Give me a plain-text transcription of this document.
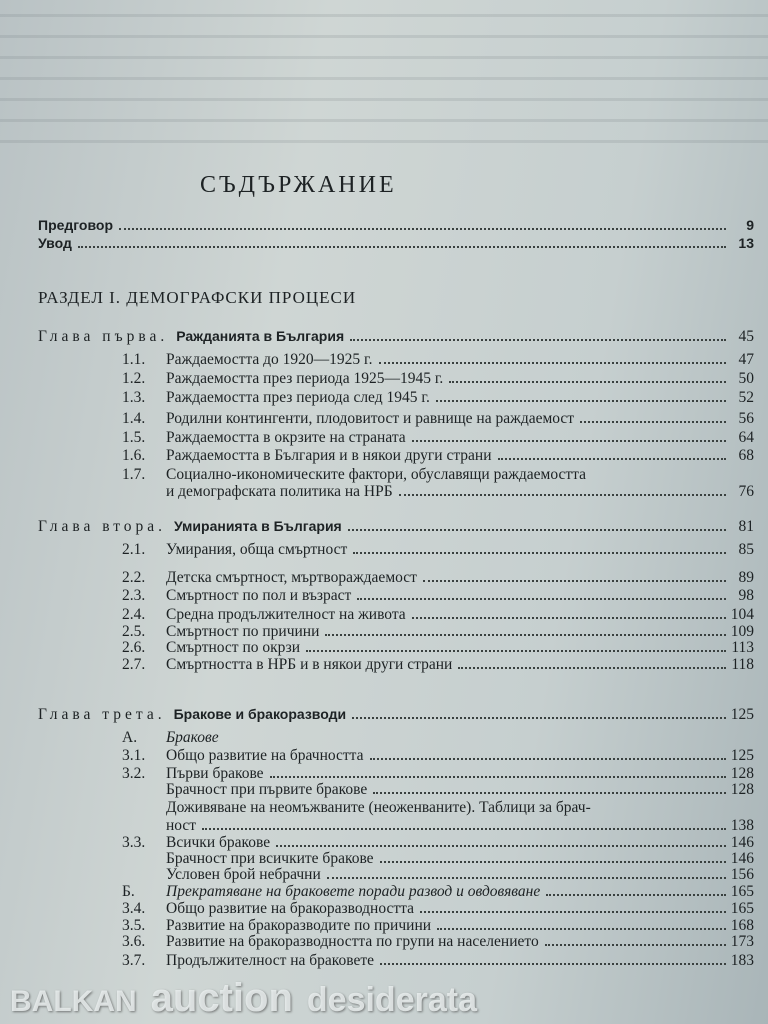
СЪДЪРЖАНИЕ
Предговор	9
Увод	13
РАЗДЕЛ I. ДЕМОГРАФСКИ ПРОЦЕСИ
Глава първа. Ражданията в България	45
1.1.	Раждаемостта до 1920—1925 г.	47
1.2.	Раждаемостта през периода 1925—1945 г.	50
1.3.	Раждаемостта през периода след 1945 г.	52
1.4.	Родилни контингенти, плодовитост и равнище на раждаемост	56
1.5.	Раждаемостта в окрзите на страната	64
1.6.	Раждаемостта в България и в някои други страни	68
1.7.	Социално-икономическите фактори, обуславящи раждаемостта
и демографската политика на НРБ	76
Глава втора. Умиранията в България	81
2.1.	Умирания, обща смъртност	85
2.2.	Детска смъртност, мъртвораждаемост	89
2.3.	Смъртност по пол и възраст	98
2.4.	Средна продължителност на живота	104
2.5.	Смъртност по причини	109
2.6.	Смъртност по окрзи	113
2.7.	Смъртността в НРБ и в някои други страни	118
Глава трета. Бракове и бракоразводи	125
А.	Бракове
3.1.	Общо развитие на брачността	125
3.2.	Първи бракове	128
Брачност при първите бракове	128
Доживяване на неомъжваните (неоженваните). Таблици за брач-
ност	138
3.3.	Всички бракове	146
Брачност при всичките бракове	146
Условен брой небрачни	156
Б.	Прекратяване на браковете поради развод и овдовяване	165
3.4.	Общо развитие на бракоразводността	165
3.5.	Развитие на бракоразводите по причини	168
3.6.	Развитие на бракоразводността по групи на населението	173
3.7.	Продължителност на браковете	183
BALKAN auction desiderata
